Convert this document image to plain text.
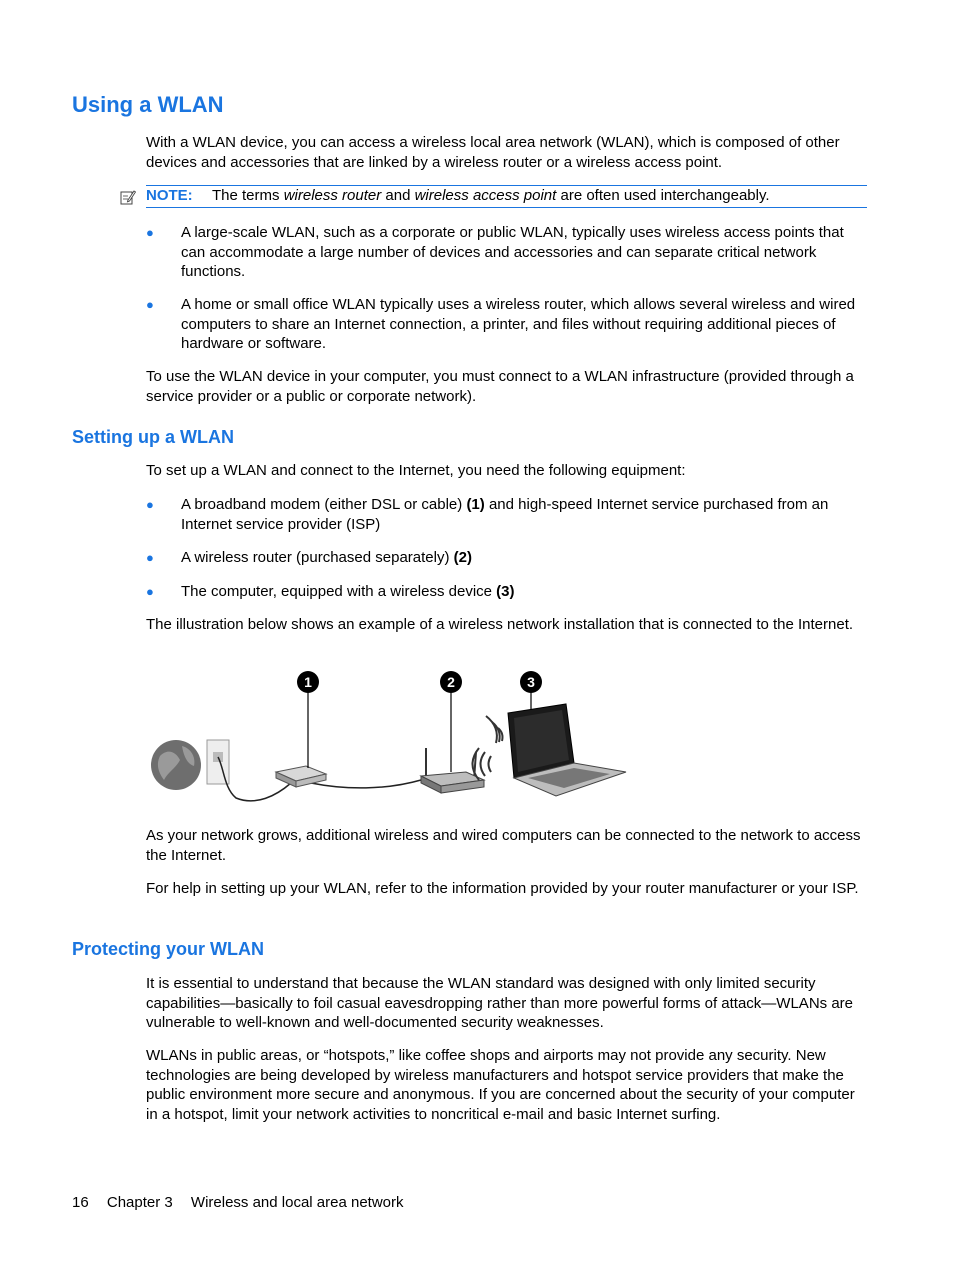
Using a WLAN

With a WLAN device, you can access a wireless local area network (WLAN), which is composed of other devices and accessories that are linked by a wireless router or a wireless access point.

NOTE: The terms wireless router and wireless access point are often used interchangeably.
● A large-scale WLAN, such as a corporate or public WLAN, typically uses wireless access points that can accommodate a large number of devices and accessories and can separate critical network functions.
● A home or small office WLAN typically uses a wireless router, which allows several wireless and wired computers to share an Internet connection, a printer, and files without requiring additional pieces of hardware or software.

To use the WLAN device in your computer, you must connect to a WLAN infrastructure (provided through a service provider or a public or corporate network).

Setting up a WLAN

To set up a WLAN and connect to the Internet, you need the following equipment:

● A broadband modem (either DSL or cable) (1) and high-speed Internet service purchased from an Internet service provider (ISP)
● A wireless router (purchased separately) (2)
● The computer, equipped with a wireless device (3)

The illustration below shows an example of a wireless network installation that is connected to the Internet.

1	2	3

As your network grows, additional wireless and wired computers can be connected to the network to access the Internet.

For help in setting up your WLAN, refer to the information provided by your router manufacturer or your ISP.

Protecting your WLAN

It is essential to understand that because the WLAN standard was designed with only limited security capabilities—basically to foil casual eavesdropping rather than more powerful forms of attack—WLANs are vulnerable to well-known and well-documented security weaknesses.

WLANs in public areas, or “hotspots,” like coffee shops and airports may not provide any security. New technologies are being developed by wireless manufacturers and hotspot service providers that make the public environment more secure and anonymous. If you are concerned about the security of your computer in a hotspot, limit your network activities to noncritical e-mail and basic Internet surfing.

16 Chapter 3 Wireless and local area network
